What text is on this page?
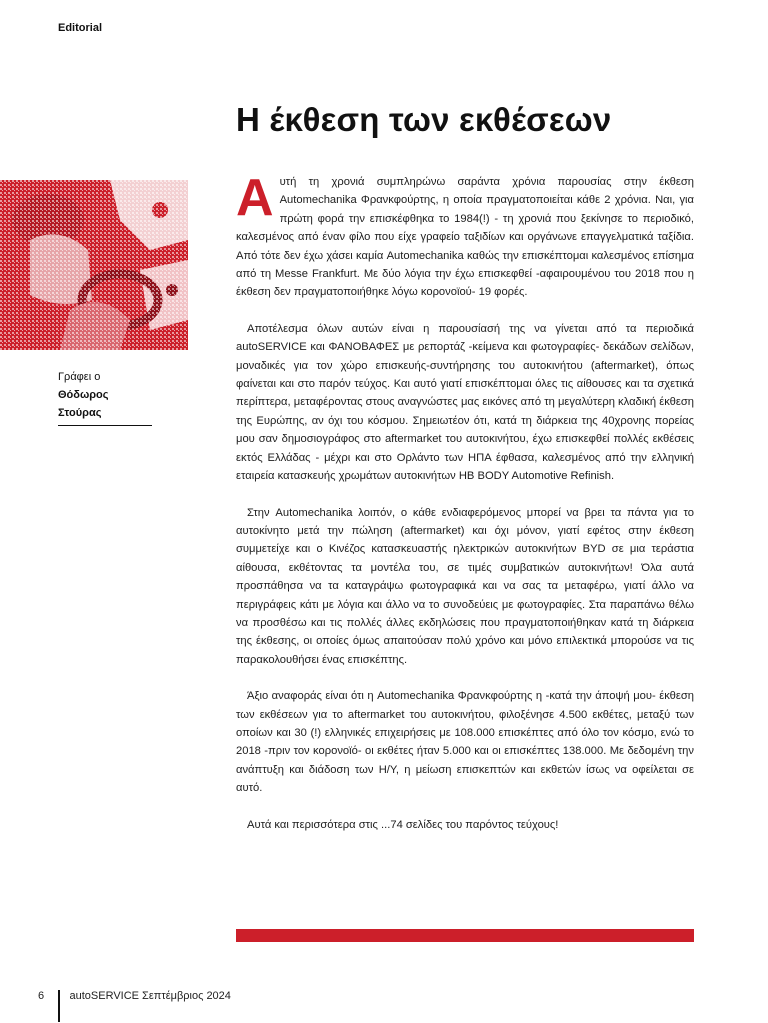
Editorial
Η έκθεση των εκθέσεων
Γράφει ο

Θόδωρος Στούρας

Αυτή τη χρονιά συμπληρώνω σαράντα χρόνια παρουσίας στην έκθεση Automechanika Φρανκφούρτης, η οποία πραγματοποιείται κάθε 2 χρόνια. Ναι, για πρώτη φορά την επισκέφθηκα το 1984(!) - τη χρονιά που ξεκίνησε το περιοδικό, καλεσμένος από έναν φίλο που είχε γραφείο ταξιδίων και οργάνωνε επαγγελματικά ταξίδια. Από τότε δεν έχω χάσει καμία Automechanika καθώς την επισκέπτομαι καλεσμένος επίσημα από τη Messe Frankfurt. Με δύο λόγια την έχω επισκεφθεί -αφαιρουμένου του 2018 που η έκθεση δεν πραγματοποιήθηκε λόγω κορονοϊού- 19 φορές.

Αποτέλεσμα όλων αυτών είναι η παρουσίασή της να γίνεται από τα περιοδικά autoSERVICE και ΦΑΝΟΒΑΦΕΣ με ρεπορτάζ -κείμενα και φωτογραφίες- δεκάδων σελίδων, μοναδικές για τον χώρο επισκευής-συντήρησης του αυτοκινήτου (aftermarket), όπως φαίνεται και στο παρόν τεύχος. Και αυτό γιατί επισκέπτομαι όλες τις αίθουσες και τα σχετικά περίπτερα, μεταφέροντας στους αναγνώστες μας εικόνες από τη μεγαλύτερη κλαδική έκθεση της Ευρώπης, αν όχι του κόσμου. Σημειωτέον ότι, κατά τη διάρκεια της 40χρονης πορείας μου σαν δημοσιογράφος στο aftermarket του αυτοκινήτου, έχω επισκεφθεί πολλές εκθέσεις εκτός Ελλάδας - μέχρι και στο Ορλάντο των ΗΠΑ έφθασα, καλεσμένος από την ελληνική εταιρεία κατασκευής χρωμάτων αυτοκινήτων HB BODY Automotive Refinish.

Στην Automechanika λοιπόν, ο κάθε ενδιαφερόμενος μπορεί να βρει τα πάντα για το αυτοκίνητο μετά την πώληση (aftermarket) και όχι μόνον, γιατί εφέτος στην έκθεση συμμετείχε και ο Κινέζος κατασκευαστής ηλεκτρικών αυτοκινήτων BYD σε μια τεράστια αίθουσα, εκθέτοντας τα μοντέλα του, σε τιμές συμβατικών αυτοκινήτων! Όλα αυτά προσπάθησα να τα καταγράψω φωτογραφικά και να σας τα μεταφέρω, γιατί άλλο να περιγράφεις κάτι με λόγια και άλλο να το συνοδεύεις με φωτογραφίες. Στα παραπάνω θέλω να προσθέσω και τις πολλές άλλες εκδηλώσεις που πραγματοποιήθηκαν κατά τη διάρκεια της έκθεσης, οι οποίες όμως απαιτούσαν πολύ χρόνο και μόνο επιλεκτικά μπορούσε να τις παρακολουθήσει ένας επισκέπτης.

Άξιο αναφοράς είναι ότι η Automechanika Φρανκφούρτης η -κατά την άποψή μου- έκθεση των εκθέσεων για το aftermarket του αυτοκινήτου, φιλοξένησε 4.500 εκθέτες, μεταξύ των οποίων και 30 (!) ελληνικές επιχειρήσεις με 108.000 επισκέπτες από όλο τον κόσμο, ενώ το 2018 -πριν τον κορονοϊό- οι εκθέτες ήταν 5.000 και οι επισκέπτες 138.000. Με δεδομένη την ανάπτυξη και διάδοση των Η/Υ, η μείωση επισκεπτών και εκθετών ίσως να οφείλεται σε αυτό.

Αυτά και περισσότερα στις ...74 σελίδες του παρόντος τεύχους!

6	autoSERVICE Σεπτέμβριος 2024
